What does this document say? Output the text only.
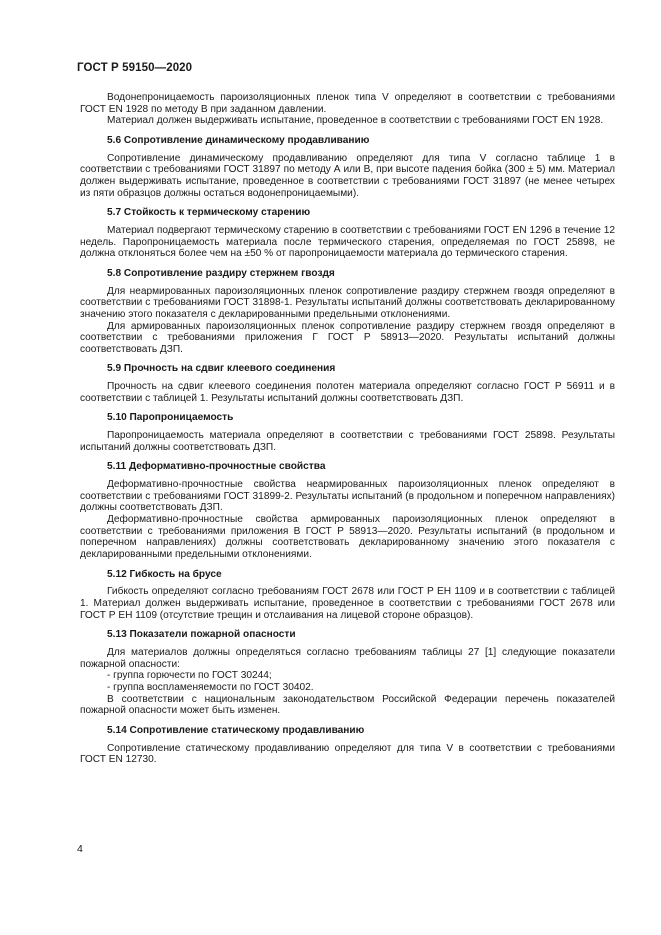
ГОСТ Р 59150—2020

Водонепроницаемость пароизоляционных пленок типа V определяют в соответствии с требованиями ГОСТ EN 1928 по методу В при заданном давлении.

Материал должен выдерживать испытание, проведенное в соответствии с требованиями ГОСТ EN 1928.

5.6 Сопротивление динамическому продавливанию

Сопротивление динамическому продавливанию определяют для типа V согласно таблице 1 в соответствии с требованиями ГОСТ 31897 по методу А или В, при высоте падения бойка (300 ± 5) мм. Материал должен выдерживать испытание, проведенное в соответствии с требованиями ГОСТ 31897 (не менее четырех из пяти образцов должны остаться водонепроницаемыми).

5.7 Стойкость к термическому старению

Материал подвергают термическому старению в соответствии с требованиями ГОСТ EN 1296 в течение 12 недель. Паропроницаемость материала после термического старения, определяемая по ГОСТ 25898, не должна отклоняться более чем на ±50 % от паропроницаемости материала до термического старения.

5.8 Сопротивление раздиру стержнем гвоздя

Для неармированных пароизоляционных пленок сопротивление раздиру стержнем гвоздя определяют в соответствии с требованиями ГОСТ 31898-1. Результаты испытаний должны соответствовать декларированному значению этого показателя с декларированными предельными отклонениями.

Для армированных пароизоляционных пленок сопротивление раздиру стержнем гвоздя определяют в соответствии с требованиями приложения Г ГОСТ Р 58913—2020. Результаты испытаний должны соответствовать ДЗП.

5.9 Прочность на сдвиг клеевого соединения

Прочность на сдвиг клеевого соединения полотен материала определяют согласно ГОСТ Р 56911 и в соответствии с таблицей 1. Результаты испытаний должны соответствовать ДЗП.

5.10 Паропроницаемость

Паропроницаемость материала определяют в соответствии с требованиями ГОСТ 25898. Результаты испытаний должны соответствовать ДЗП.

5.11 Деформативно-прочностные свойства

Деформативно-прочностные свойства неармированных пароизоляционных пленок определяют в соответствии с требованиями ГОСТ 31899-2. Результаты испытаний (в продольном и поперечном направлениях) должны соответствовать ДЗП.

Деформативно-прочностные свойства армированных пароизоляционных пленок определяют в соответствии с требованиями приложения В ГОСТ Р 58913—2020. Результаты испытаний (в продольном и поперечном направлениях) должны соответствовать декларированному значению этого показателя с декларированными предельными отклонениями.

5.12 Гибкость на брусе

Гибкость определяют согласно требованиям ГОСТ 2678 или ГОСТ Р ЕН 1109 и в соответствии с таблицей 1. Материал должен выдерживать испытание, проведенное в соответствии с требованиями ГОСТ 2678 или ГОСТ Р ЕН 1109 (отсутствие трещин и отслаивания на лицевой стороне образцов).

5.13 Показатели пожарной опасности

Для материалов должны определяться согласно требованиям таблицы 27 [1] следующие показатели пожарной опасности:

- группа горючести по ГОСТ 30244;

- группа воспламеняемости по ГОСТ 30402.

В соответствии с национальным законодательством Российской Федерации перечень показателей пожарной опасности может быть изменен.

5.14 Сопротивление статическому продавливанию

Сопротивление статическому продавливанию определяют для типа V в соответствии с требованиями ГОСТ EN 12730.

4
